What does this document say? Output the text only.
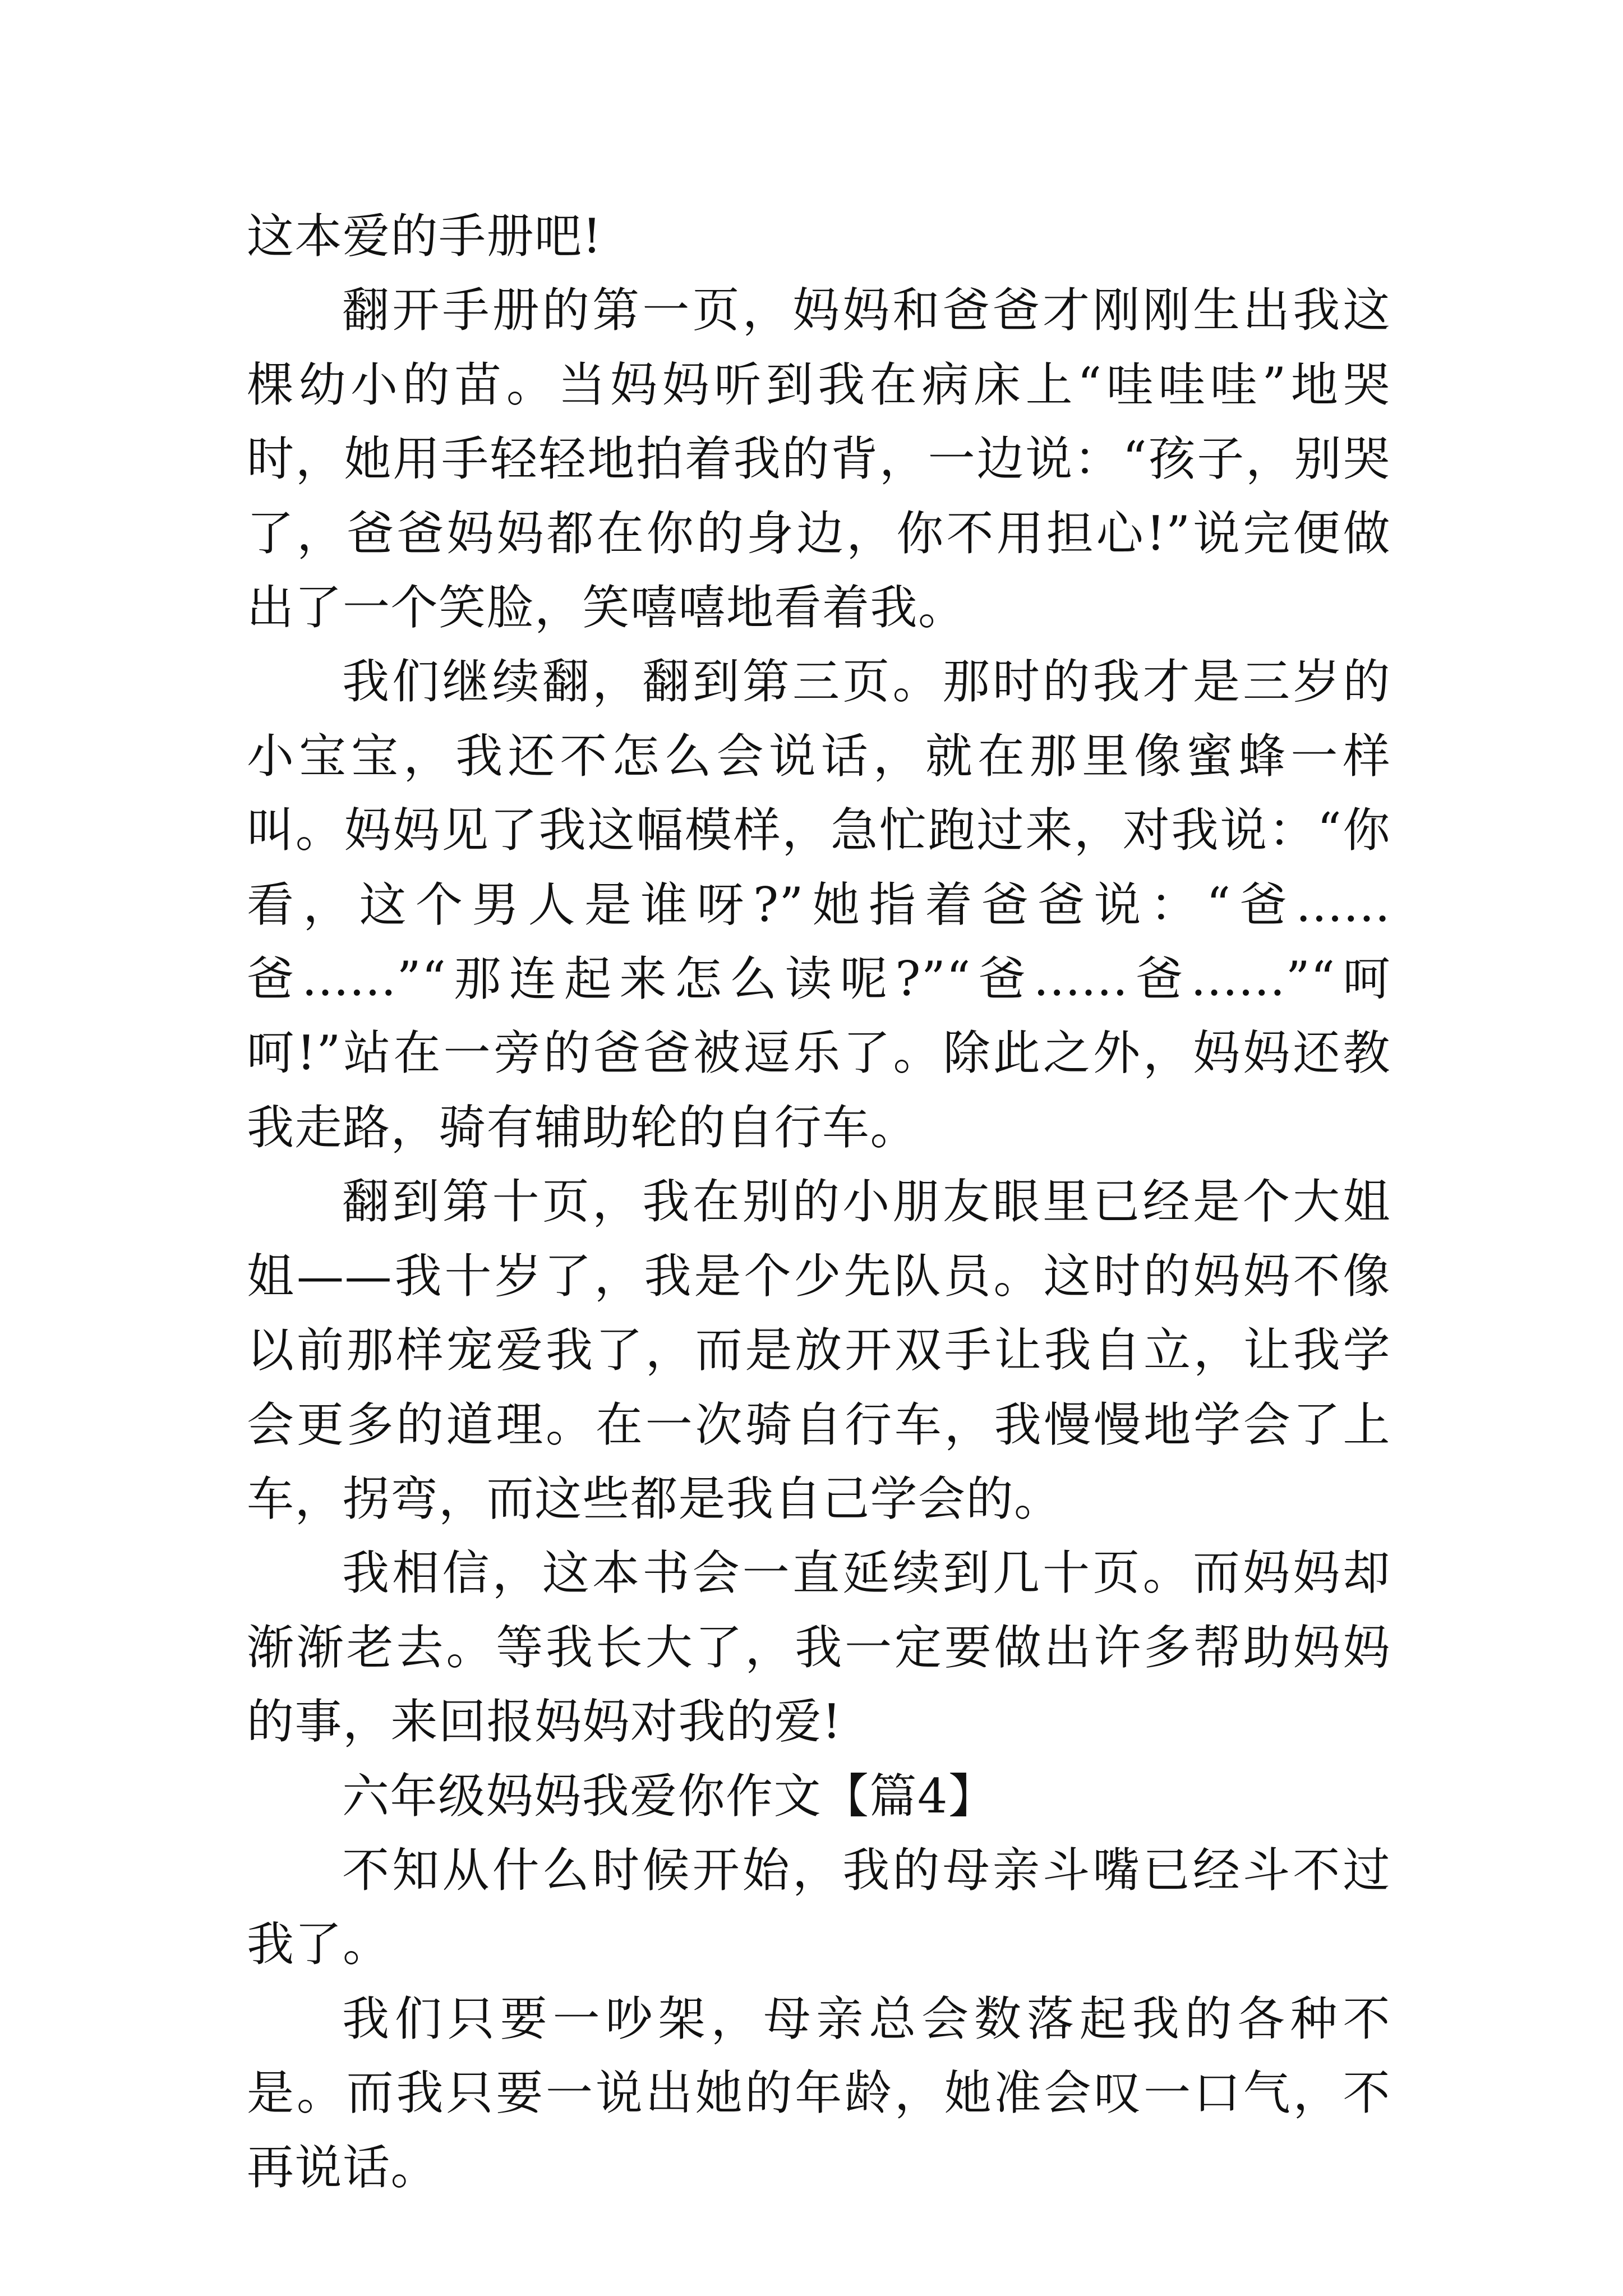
这本爱的手册吧!

翻开手册的第一页，妈妈和爸爸才刚刚生出我这棵幼小的苗。当妈妈听到我在病床上“哇哇哇”地哭时，她用手轻轻地拍着我的背，一边说：“孩子，别哭了，爸爸妈妈都在你的身边，你不用担心!”说完便做出了一个笑脸，笑嘻嘻地看着我。

我们继续翻，翻到第三页。那时的我才是三岁的小宝宝，我还不怎么会说话，就在那里像蜜蜂一样叫。妈妈见了我这幅模样，急忙跑过来，对我说：“你看，这个男人是谁呀?”她指着爸爸说：“爸......爸......”“那连起来怎么读呢?”“爸......爸......”“呵呵!”站在一旁的爸爸被逗乐了。除此之外，妈妈还教我走路，骑有辅助轮的自行车。

翻到第十页，我在别的小朋友眼里已经是个大姐姐——我十岁了，我是个少先队员。这时的妈妈不像以前那样宠爱我了，而是放开双手让我自立，让我学会更多的道理。在一次骑自行车，我慢慢地学会了上车，拐弯，而这些都是我自己学会的。

我相信，这本书会一直延续到几十页。而妈妈却渐渐老去。等我长大了，我一定要做出许多帮助妈妈的事，来回报妈妈对我的爱!

六年级妈妈我爱你作文【篇4】

不知从什么时候开始，我的母亲斗嘴已经斗不过我了。

我们只要一吵架，母亲总会数落起我的各种不是。而我只要一说出她的年龄，她准会叹一口气，不再说话。
